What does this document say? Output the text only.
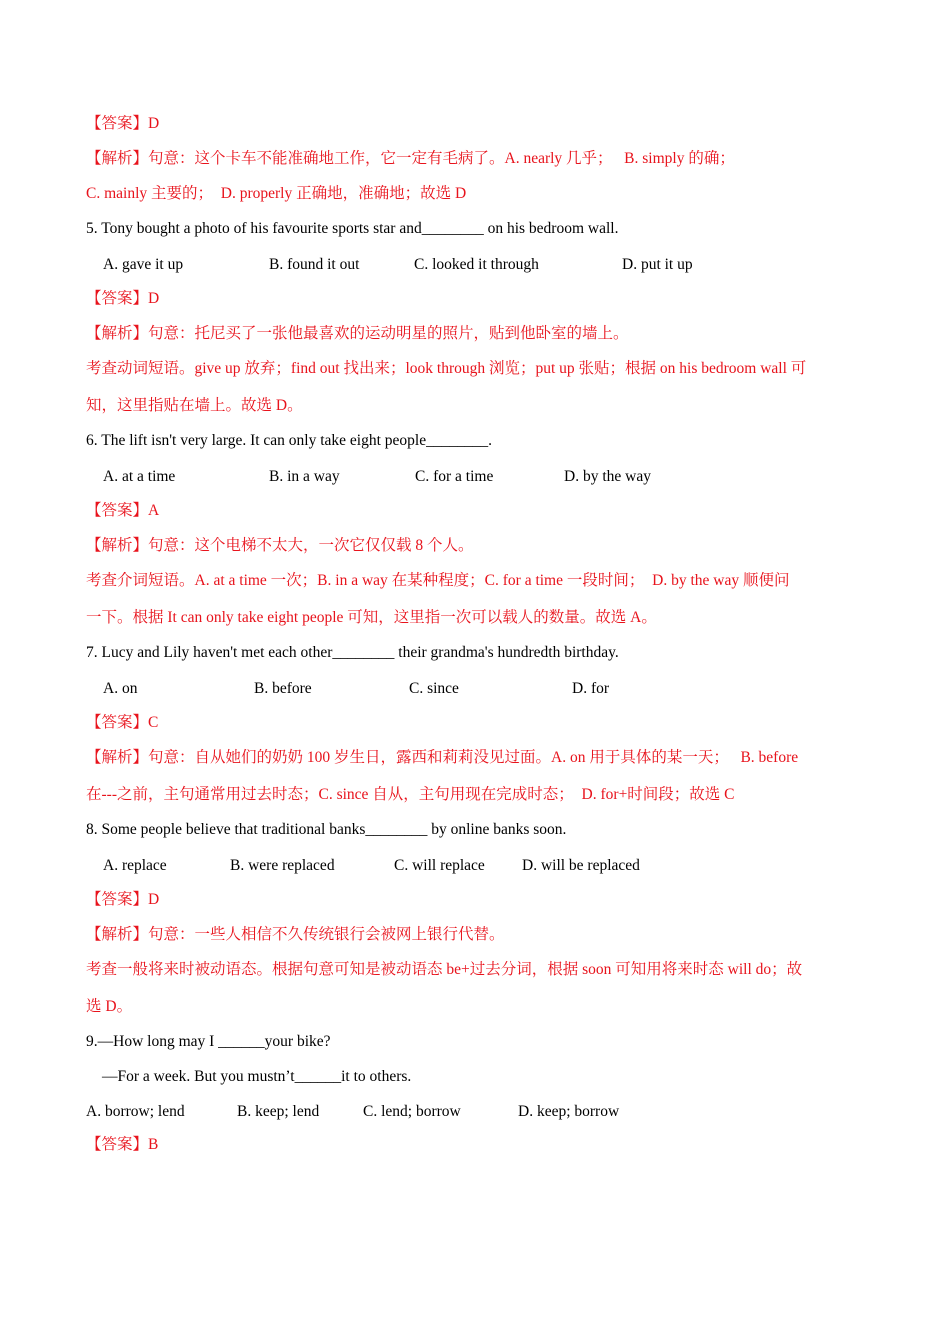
【答案】D
【解析】句意：这个卡车不能准确地工作，它一定有毛病了。A. nearly 几乎；　 B. simply 的确；
C. mainly 主要的；　D. properly 正确地，准确地；故选 D
5. Tony bought a photo of his favourite sports star and________ on his bedroom wall.
【答案】D
【解析】句意：托尼买了一张他最喜欢的运动明星的照片，贴到他卧室的墙上。
考查动词短语。give up 放弃；find out 找出来；look through 浏览；put up 张贴；根据 on his bedroom wall 可
知，这里指贴在墙上。故选 D。
6. The lift isn't very large. It can only take eight people________.
【答案】A
【解析】句意：这个电梯不太大，一次它仅仅载 8 个人。
考查介词短语。A. at a time 一次；B. in a way 在某种程度；C. for a time 一段时间；　D. by the way 顺便问
一下。根据 It can only take eight people 可知，这里指一次可以载人的数量。故选 A。
7. Lucy and Lily haven't met each other________ their grandma's hundredth birthday.
【答案】C
【解析】句意：自从她们的奶奶 100 岁生日，露西和莉莉没见过面。A. on 用于具体的某一天；　 B. before
在---之前，主句通常用过去时态；C. since 自从，主句用现在完成时态；　D. for+时间段；故选 C
8. Some people believe that traditional banks________ by online banks soon.
【答案】D
【解析】句意：一些人相信不久传统银行会被网上银行代替。
考查一般将来时被动语态。根据句意可知是被动语态 be+过去分词，根据 soon 可知用将来时态 will do；故
选 D。
9.—How long may I ______your bike?
—For a week. But you mustn’t______it to others.
【答案】B
A. gave it up	B. found it out	C. looked it through	D. put it up
A. at a time	B. in a way	C. for a time	D. by the way
A. on	B. before	C. since	D. for
A. replace	B. were replaced	C. will replace D. will be replaced
A. borrow; lend	B. keep; lend	C. lend; borrow	D. keep; borrow
